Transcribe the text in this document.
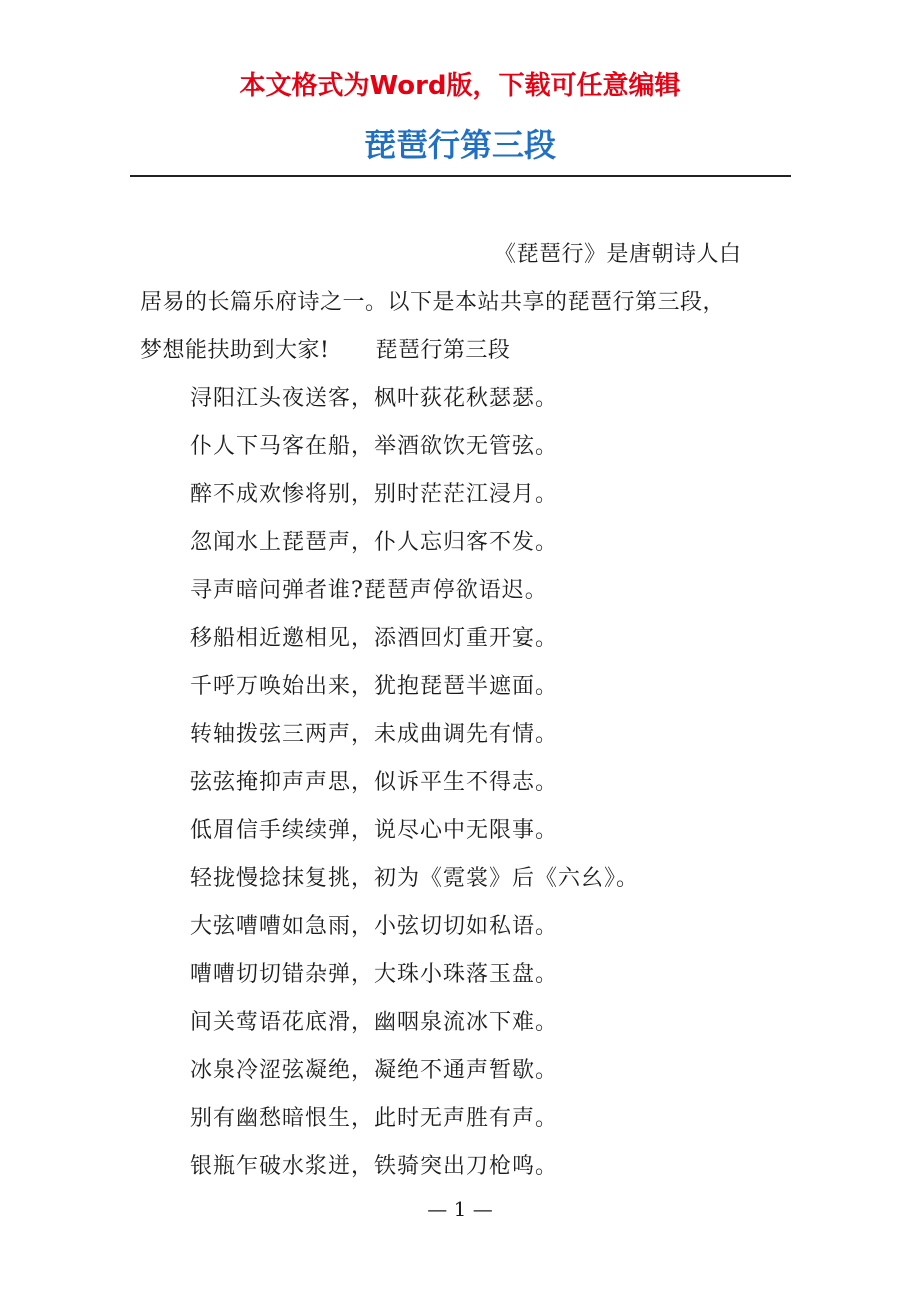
本文格式为Word版，下载可任意编辑
琵琶行第三段

《琵琶行》是唐朝诗人白
居易的长篇乐府诗之一。以下是本站共享的琵琶行第三段，
梦想能扶助到大家! 琵琶行第三段

浔阳江头夜送客，枫叶荻花秋瑟瑟。
仆人下马客在船，举酒欲饮无管弦。
醉不成欢惨将别，别时茫茫江浸月。
忽闻水上琵琶声，仆人忘归客不发。
寻声暗问弹者谁?琵琶声停欲语迟。
移船相近邀相见，添酒回灯重开宴。
千呼万唤始出来，犹抱琵琶半遮面。
转轴拨弦三两声，未成曲调先有情。
弦弦掩抑声声思，似诉平生不得志。
低眉信手续续弹，说尽心中无限事。
轻拢慢捻抹复挑，初为《霓裳》后《六幺》。
大弦嘈嘈如急雨，小弦切切如私语。
嘈嘈切切错杂弹，大珠小珠落玉盘。
间关莺语花底滑，幽咽泉流冰下难。
冰泉冷涩弦凝绝，凝绝不通声暂歇。
别有幽愁暗恨生，此时无声胜有声。
银瓶乍破水浆迸，铁骑突出刀枪鸣。
— 1 —
